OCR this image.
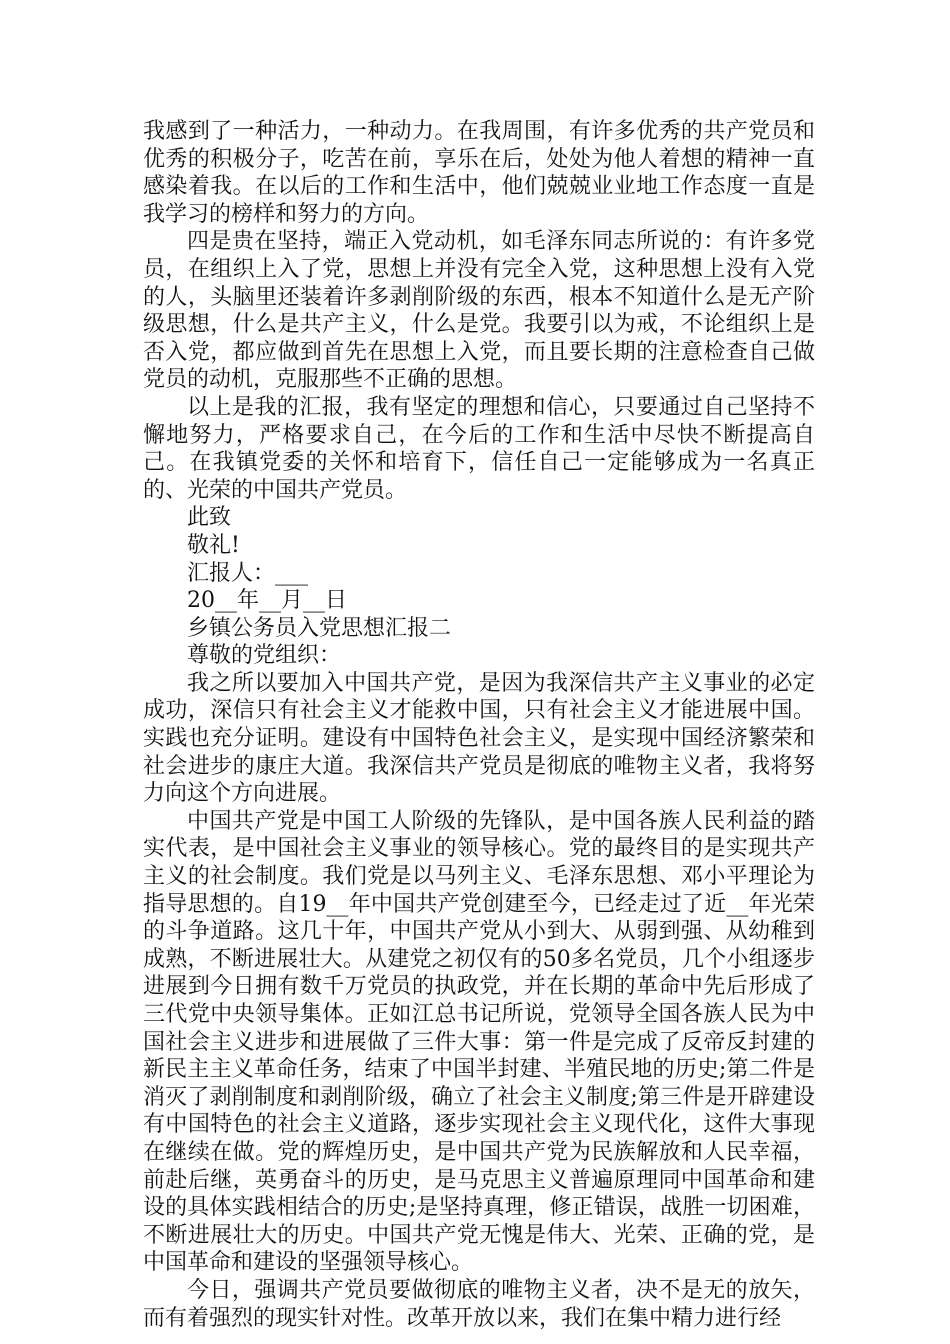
我感到了一种活力，一种动力。在我周围，有许多优秀的共产党员和优秀的积极分子，吃苦在前，享乐在后，处处为他人着想的精神一直感染着我。在以后的工作和生活中，他们兢兢业业地工作态度一直是我学习的榜样和努力的方向。

四是贵在坚持，端正入党动机，如毛泽东同志所说的：有许多党员，在组织上入了党，思想上并没有完全入党，这种思想上没有入党的人，头脑里还装着许多剥削阶级的东西，根本不知道什么是无产阶级思想，什么是共产主义，什么是党。我要引以为戒，不论组织上是否入党，都应做到首先在思想上入党，而且要长期的注意检查自己做党员的动机，克服那些不正确的思想。

以上是我的汇报，我有坚定的理想和信心，只要通过自己坚持不懈地努力，严格要求自己，在今后的工作和生活中尽快不断提高自己。在我镇党委的关怀和培育下，信任自己一定能够成为一名真正的、光荣的中国共产党员。

此致

敬礼!

汇报人：___

20__年__月__日

乡镇公务员入党思想汇报二

尊敬的党组织：

我之所以要加入中国共产党，是因为我深信共产主义事业的必定成功，深信只有社会主义才能救中国，只有社会主义才能进展中国。实践也充分证明。建设有中国特色社会主义，是实现中国经济繁荣和社会进步的康庄大道。我深信共产党员是彻底的唯物主义者，我将努力向这个方向进展。

中国共产党是中国工人阶级的先锋队，是中国各族人民利益的踏实代表，是中国社会主义事业的领导核心。党的最终目的是实现共产主义的社会制度。我们党是以马列主义、毛泽东思想、邓小平理论为指导思想的。自19__年中国共产党创建至今，已经走过了近__年光荣的斗争道路。这几十年，中国共产党从小到大、从弱到强、从幼稚到成熟，不断进展壮大。从建党之初仅有的50多名党员，几个小组逐步进展到今日拥有数千万党员的执政党，并在长期的革命中先后形成了三代党中央领导集体。正如江总书记所说，党领导全国各族人民为中国社会主义进步和进展做了三件大事：第一件是完成了反帝反封建的新民主主义革命任务，结束了中国半封建、半殖民地的历史;第二件是消灭了剥削制度和剥削阶级，确立了社会主义制度;第三件是开辟建设有中国特色的社会主义道路，逐步实现社会主义现代化，这件大事现在继续在做。党的辉煌历史，是中国共产党为民族解放和人民幸福，前赴后继，英勇奋斗的历史，是马克思主义普遍原理同中国革命和建设的具体实践相结合的历史;是坚持真理，修正错误，战胜一切困难，不断进展壮大的历史。中国共产党无愧是伟大、光荣、正确的党，是中国革命和建设的坚强领导核心。

今日，强调共产党员要做彻底的唯物主义者，决不是无的放矢，而有着强烈的现实针对性。改革开放以来，我们在集中精力进行经
